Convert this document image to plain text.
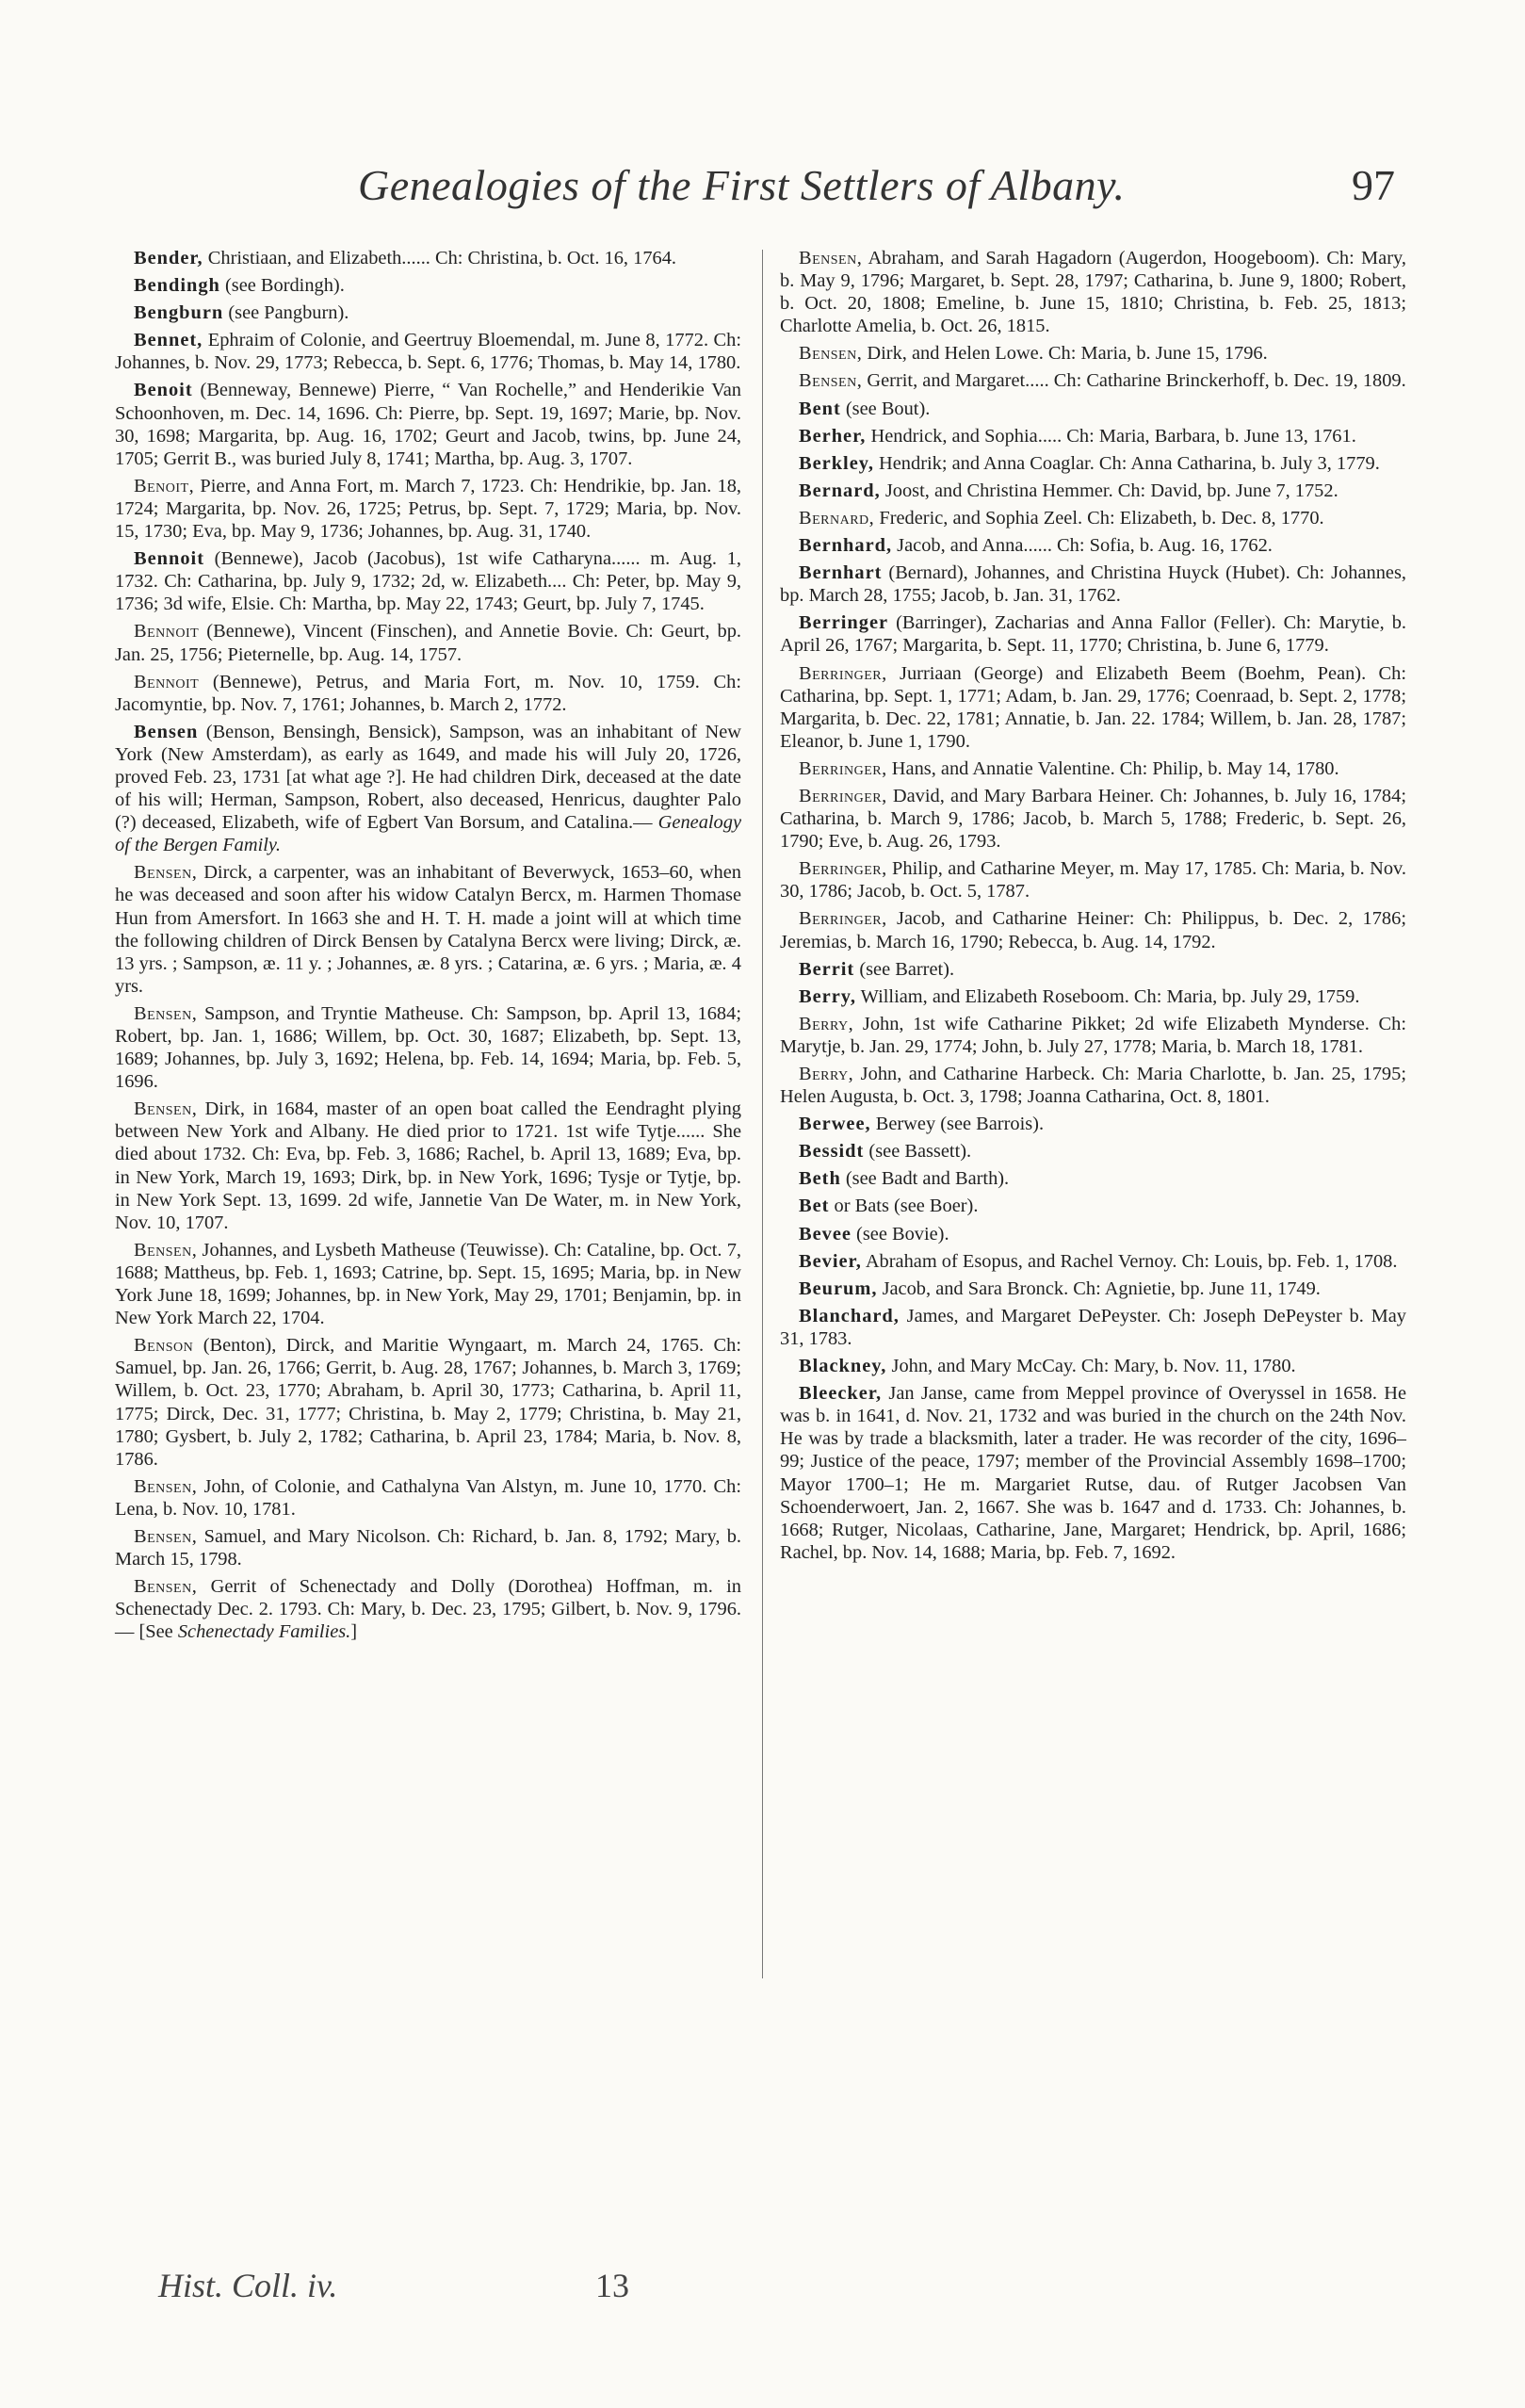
Genealogies of the First Settlers of Albany.	97

Bender, Christiaan, and Elizabeth...... Ch: Christina, b. Oct. 16, 1764.

Bendingh (see Bordingh).

Bengburn (see Pangburn).

Bennet, Ephraim of Colonie, and Geertruy Bloemendal, m. June 8, 1772. Ch: Johannes, b. Nov. 29, 1773; Rebecca, b. Sept. 6, 1776; Thomas, b. May 14, 1780.

Benoit (Benneway, Bennewe) Pierre, “ Van Rochelle,” and Henderikie Van Schoonhoven, m. Dec. 14, 1696. Ch: Pierre, bp. Sept. 19, 1697; Marie, bp. Nov. 30, 1698; Margarita, bp. Aug. 16, 1702; Geurt and Jacob, twins, bp. June 24, 1705; Gerrit B., was buried July 8, 1741; Martha, bp. Aug. 3, 1707.

Benoit, Pierre, and Anna Fort, m. March 7, 1723. Ch: Hendrikie, bp. Jan. 18, 1724; Margarita, bp. Nov. 26, 1725; Petrus, bp. Sept. 7, 1729; Maria, bp. Nov. 15, 1730; Eva, bp. May 9, 1736; Johannes, bp. Aug. 31, 1740.

Bennoit (Bennewe), Jacob (Jacobus), 1st wife Catharyna...... m. Aug. 1, 1732. Ch: Catharina, bp. July 9, 1732; 2d, w. Elizabeth.... Ch: Peter, bp. May 9, 1736; 3d wife, Elsie. Ch: Martha, bp. May 22, 1743; Geurt, bp. July 7, 1745.

Bennoit (Bennewe), Vincent (Finschen), and Annetie Bovie. Ch: Geurt, bp. Jan. 25, 1756; Pieternelle, bp. Aug. 14, 1757.

Bennoit (Bennewe), Petrus, and Maria Fort, m. Nov. 10, 1759. Ch: Jacomyntie, bp. Nov. 7, 1761; Johannes, b. March 2, 1772.

Bensen (Benson, Bensingh, Bensick), Sampson, was an inhabitant of New York (New Amsterdam), as early as 1649, and made his will July 20, 1726, proved Feb. 23, 1731 [at what age ?]. He had children Dirk, deceased at the date of his will; Herman, Sampson, Robert, also deceased, Henricus, daughter Palo (?) deceased, Elizabeth, wife of Egbert Van Borsum, and Catalina.— Genealogy of the Bergen Family.

Bensen, Dirck, a carpenter, was an inhabitant of Beverwyck, 1653–60, when he was deceased and soon after his widow Catalyn Bercx, m. Harmen Thomase Hun from Amersfort. In 1663 she and H. T. H. made a joint will at which time the following children of Dirck Bensen by Catalyna Bercx were living; Dirck, æ. 13 yrs. ; Sampson, æ. 11 y. ; Johannes, æ. 8 yrs. ; Catarina, æ. 6 yrs. ; Maria, æ. 4 yrs.

Bensen, Sampson, and Tryntie Matheuse. Ch: Sampson, bp. April 13, 1684; Robert, bp. Jan. 1, 1686; Willem, bp. Oct. 30, 1687; Elizabeth, bp. Sept. 13, 1689; Johannes, bp. July 3, 1692; Helena, bp. Feb. 14, 1694; Maria, bp. Feb. 5, 1696.

Bensen, Dirk, in 1684, master of an open boat called the Eendraght plying between New York and Albany. He died prior to 1721. 1st wife Tytje...... She died about 1732. Ch: Eva, bp. Feb. 3, 1686; Rachel, b. April 13, 1689; Eva, bp. in New York, March 19, 1693; Dirk, bp. in New York, 1696; Tysje or Tytje, bp. in New York Sept. 13, 1699. 2d wife, Jannetie Van De Water, m. in New York, Nov. 10, 1707.

Bensen, Johannes, and Lysbeth Matheuse (Teuwisse). Ch: Cataline, bp. Oct. 7, 1688; Mattheus, bp. Feb. 1, 1693; Catrine, bp. Sept. 15, 1695; Maria, bp. in New York June 18, 1699; Johannes, bp. in New York, May 29, 1701; Benjamin, bp. in New York March 22, 1704.

Benson (Benton), Dirck, and Maritie Wyngaart, m. March 24, 1765. Ch: Samuel, bp. Jan. 26, 1766; Gerrit, b. Aug. 28, 1767; Johannes, b. March 3, 1769; Willem, b. Oct. 23, 1770; Abraham, b. April 30, 1773; Catharina, b. April 11, 1775; Dirck, Dec. 31, 1777; Christina, b. May 2, 1779; Christina, b. May 21, 1780; Gysbert, b. July 2, 1782; Catharina, b. April 23, 1784; Maria, b. Nov. 8, 1786.

Bensen, John, of Colonie, and Cathalyna Van Alstyn, m. June 10, 1770. Ch: Lena, b. Nov. 10, 1781.

Bensen, Samuel, and Mary Nicolson. Ch: Richard, b. Jan. 8, 1792; Mary, b. March 15, 1798.

Bensen, Gerrit of Schenectady and Dolly (Dorothea) Hoffman, m. in Schenectady Dec. 2. 1793. Ch: Mary, b. Dec. 23, 1795; Gilbert, b. Nov. 9, 1796.— [See Schenectady Families.]

Bensen, Abraham, and Sarah Hagadorn (Augerdon, Hoogeboom). Ch: Mary, b. May 9, 1796; Margaret, b. Sept. 28, 1797; Catharina, b. June 9, 1800; Robert, b. Oct. 20, 1808; Emeline, b. June 15, 1810; Christina, b. Feb. 25, 1813; Charlotte Amelia, b. Oct. 26, 1815.

Bensen, Dirk, and Helen Lowe. Ch: Maria, b. June 15, 1796.

Bensen, Gerrit, and Margaret..... Ch: Catharine Brinckerhoff, b. Dec. 19, 1809.

Bent (see Bout).

Berher, Hendrick, and Sophia..... Ch: Maria, Barbara, b. June 13, 1761.

Berkley, Hendrik; and Anna Coaglar. Ch: Anna Catharina, b. July 3, 1779.

Bernard, Joost, and Christina Hemmer. Ch: David, bp. June 7, 1752.

Bernard, Frederic, and Sophia Zeel. Ch: Elizabeth, b. Dec. 8, 1770.

Bernhard, Jacob, and Anna...... Ch: Sofia, b. Aug. 16, 1762.

Bernhart (Bernard), Johannes, and Christina Huyck (Hubet). Ch: Johannes, bp. March 28, 1755; Jacob, b. Jan. 31, 1762.

Berringer (Barringer), Zacharias and Anna Fallor (Feller). Ch: Marytie, b. April 26, 1767; Margarita, b. Sept. 11, 1770; Christina, b. June 6, 1779.

Berringer, Jurriaan (George) and Elizabeth Beem (Boehm, Pean). Ch: Catharina, bp. Sept. 1, 1771; Adam, b. Jan. 29, 1776; Coenraad, b. Sept. 2, 1778; Margarita, b. Dec. 22, 1781; Annatie, b. Jan. 22. 1784; Willem, b. Jan. 28, 1787; Eleanor, b. June 1, 1790.

Berringer, Hans, and Annatie Valentine. Ch: Philip, b. May 14, 1780.

Berringer, David, and Mary Barbara Heiner. Ch: Johannes, b. July 16, 1784; Catharina, b. March 9, 1786; Jacob, b. March 5, 1788; Frederic, b. Sept. 26, 1790; Eve, b. Aug. 26, 1793.

Berringer, Philip, and Catharine Meyer, m. May 17, 1785. Ch: Maria, b. Nov. 30, 1786; Jacob, b. Oct. 5, 1787.

Berringer, Jacob, and Catharine Heiner: Ch: Philippus, b. Dec. 2, 1786; Jeremias, b. March 16, 1790; Rebecca, b. Aug. 14, 1792.

Berrit (see Barret).

Berry, William, and Elizabeth Roseboom. Ch: Maria, bp. July 29, 1759.

Berry, John, 1st wife Catharine Pikket; 2d wife Elizabeth Mynderse. Ch: Marytje, b. Jan. 29, 1774; John, b. July 27, 1778; Maria, b. March 18, 1781.

Berry, John, and Catharine Harbeck. Ch: Maria Charlotte, b. Jan. 25, 1795; Helen Augusta, b. Oct. 3, 1798; Joanna Catharina, Oct. 8, 1801.

Berwee, Berwey (see Barrois).

Bessidt (see Bassett).

Beth (see Badt and Barth).

Bet or Bats (see Boer).

Bevee (see Bovie).

Bevier, Abraham of Esopus, and Rachel Vernoy. Ch: Louis, bp. Feb. 1, 1708.

Beurum, Jacob, and Sara Bronck. Ch: Agnietie, bp. June 11, 1749.

Blanchard, James, and Margaret DePeyster. Ch: Joseph DePeyster b. May 31, 1783.

Blackney, John, and Mary McCay. Ch: Mary, b. Nov. 11, 1780.

Bleecker, Jan Janse, came from Meppel province of Overyssel in 1658. He was b. in 1641, d. Nov. 21, 1732 and was buried in the church on the 24th Nov. He was by trade a blacksmith, later a trader. He was recorder of the city, 1696–99; Justice of the peace, 1797; member of the Provincial Assembly 1698–1700; Mayor 1700–1; He m. Margariet Rutse, dau. of Rutger Jacobsen Van Schoenderwoert, Jan. 2, 1667. She was b. 1647 and d. 1733. Ch: Johannes, b. 1668; Rutger, Nicolaas, Catharine, Jane, Margaret; Hendrick, bp. April, 1686; Rachel, bp. Nov. 14, 1688; Maria, bp. Feb. 7, 1692.

Hist. Coll. iv.	13
